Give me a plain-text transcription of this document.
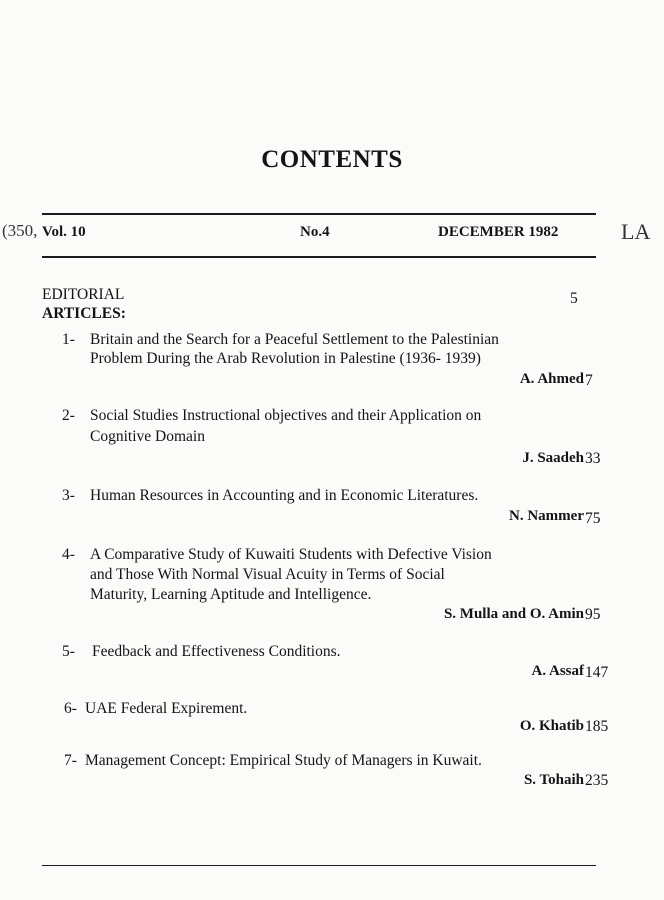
CONTENTS
(350, Vol. 10	No.4	DECEMBER 1982	LA
EDITORIAL	5
ARTICLES:
1- Britain and the Search for a Peaceful Settlement to the Palestinian
Problem During the Arab Revolution in Palestine (1936- 1939)
A. Ahmed 7
2- Social Studies Instructional objectives and their Application on
Cognitive Domain
J. Saadeh 33
3- Human Resources in Accounting and in Economic Literatures.
N. Nammer 75
4- A Comparative Study of Kuwaiti Students with Defective Vision
and Those With Normal Visual Acuity in Terms of Social
Maturity, Learning Aptitude and Intelligence.
S. Mulla and O. Amin 95
5- Feedback and Effectiveness Conditions.
A. Assaf 147
6- UAE Federal Expirement.
O. Khatib 185
7- Management Concept: Empirical Study of Managers in Kuwait.
S. Tohaih 235
